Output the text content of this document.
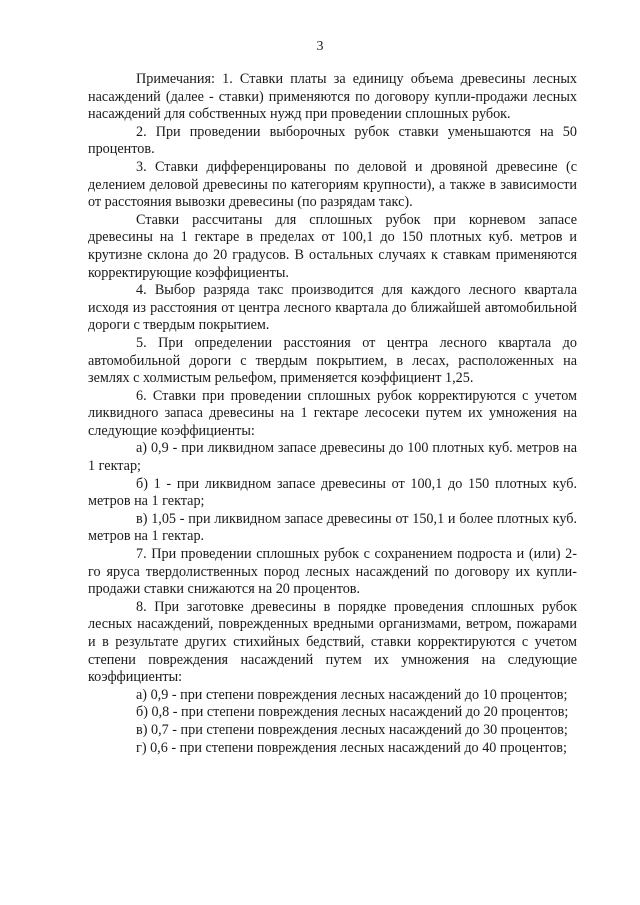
3

Примечания: 1. Ставки платы за единицу объема древесины лесных насаждений (далее - ставки) применяются по договору купли-продажи лесных насаждений для собственных нужд при проведении сплошных рубок.

2. При проведении выборочных рубок ставки уменьшаются на 50 процентов.

3. Ставки дифференцированы по деловой и дровяной древесине (с делением деловой древесины по категориям крупности), а также в зависимости от расстояния вывозки древесины (по разрядам такс).

Ставки рассчитаны для сплошных рубок при корневом запасе древесины на 1 гектаре в пределах от 100,1 до 150 плотных куб. метров и крутизне склона до 20 градусов. В остальных случаях к ставкам применяются корректирующие коэффициенты.

4. Выбор разряда такс производится для каждого лесного квартала исходя из расстояния от центра лесного квартала до ближайшей автомобильной дороги с твердым покрытием.

5. При определении расстояния от центра лесного квартала до автомобильной дороги с твердым покрытием, в лесах, расположенных на землях с холмистым рельефом, применяется коэффициент 1,25.

6. Ставки при проведении сплошных рубок корректируются с учетом ликвидного запаса древесины на 1 гектаре лесосеки путем их умножения на следующие коэффициенты:

а) 0,9 - при ликвидном запасе древесины до 100 плотных куб. метров на 1 гектар;

б) 1 - при ликвидном запасе древесины от 100,1 до 150 плотных куб. метров на 1 гектар;

в) 1,05 - при ликвидном запасе древесины от 150,1 и более плотных куб. метров на 1 гектар.

7. При проведении сплошных рубок с сохранением подроста и (или) 2-го яруса твердолиственных пород лесных насаждений по договору их купли-продажи ставки снижаются на 20 процентов.

8. При заготовке древесины в порядке проведения сплошных рубок лесных насаждений, поврежденных вредными организмами, ветром, пожарами и в результате других стихийных бедствий, ставки корректируются с учетом степени повреждения насаждений путем их умножения на следующие коэффициенты:

а) 0,9 - при степени повреждения лесных насаждений до 10 процентов;

б) 0,8 - при степени повреждения лесных насаждений до 20 процентов;

в) 0,7 - при степени повреждения лесных насаждений до 30 процентов;

г) 0,6 - при степени повреждения лесных насаждений до 40 процентов;
